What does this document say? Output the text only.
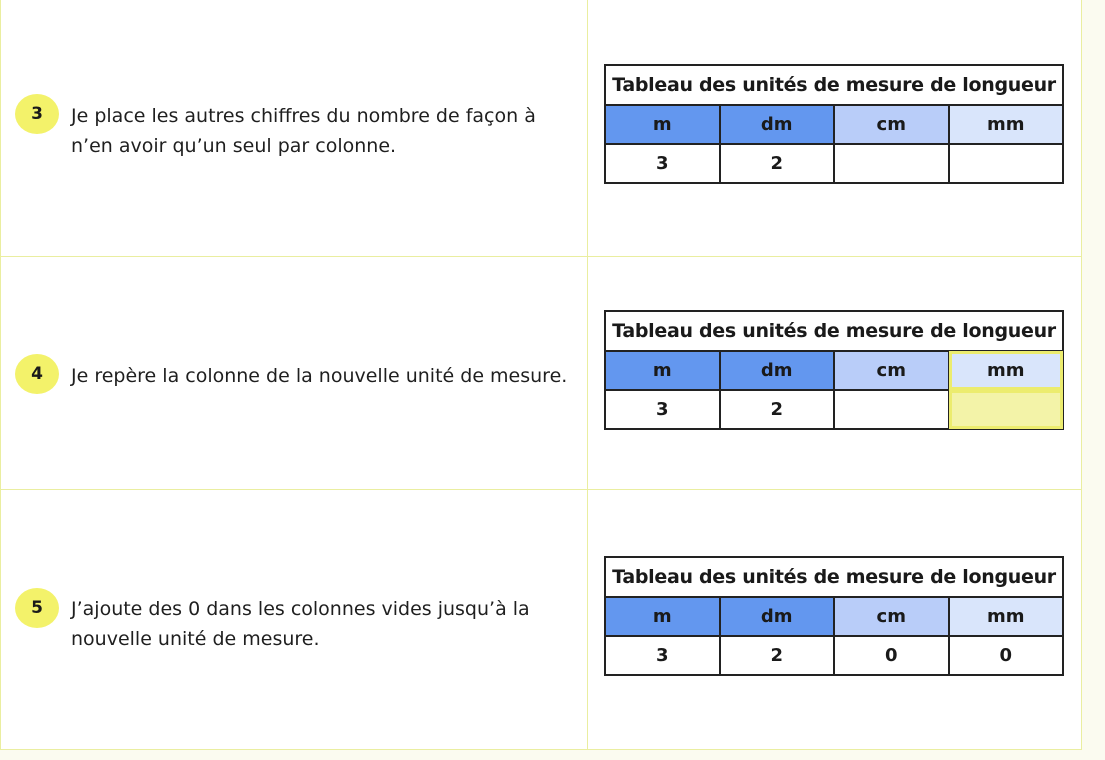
3	Je place les autres chiffres du nombre de façon à n’en avoir qu’un seul par colonne.
Tableau des unités de mesure de longueur			
m	dm	cm	mm
3	2		
4	Je repère la colonne de la nouvelle unité de mesure.
Tableau des unités de mesure de longueur			
m	dm	cm	mm
3	2		
5	J’ajoute des 0 dans les colonnes vides jusqu’à la nouvelle unité de mesure.
Tableau des unités de mesure de longueur			
m	dm	cm	mm
3	2	0	0
